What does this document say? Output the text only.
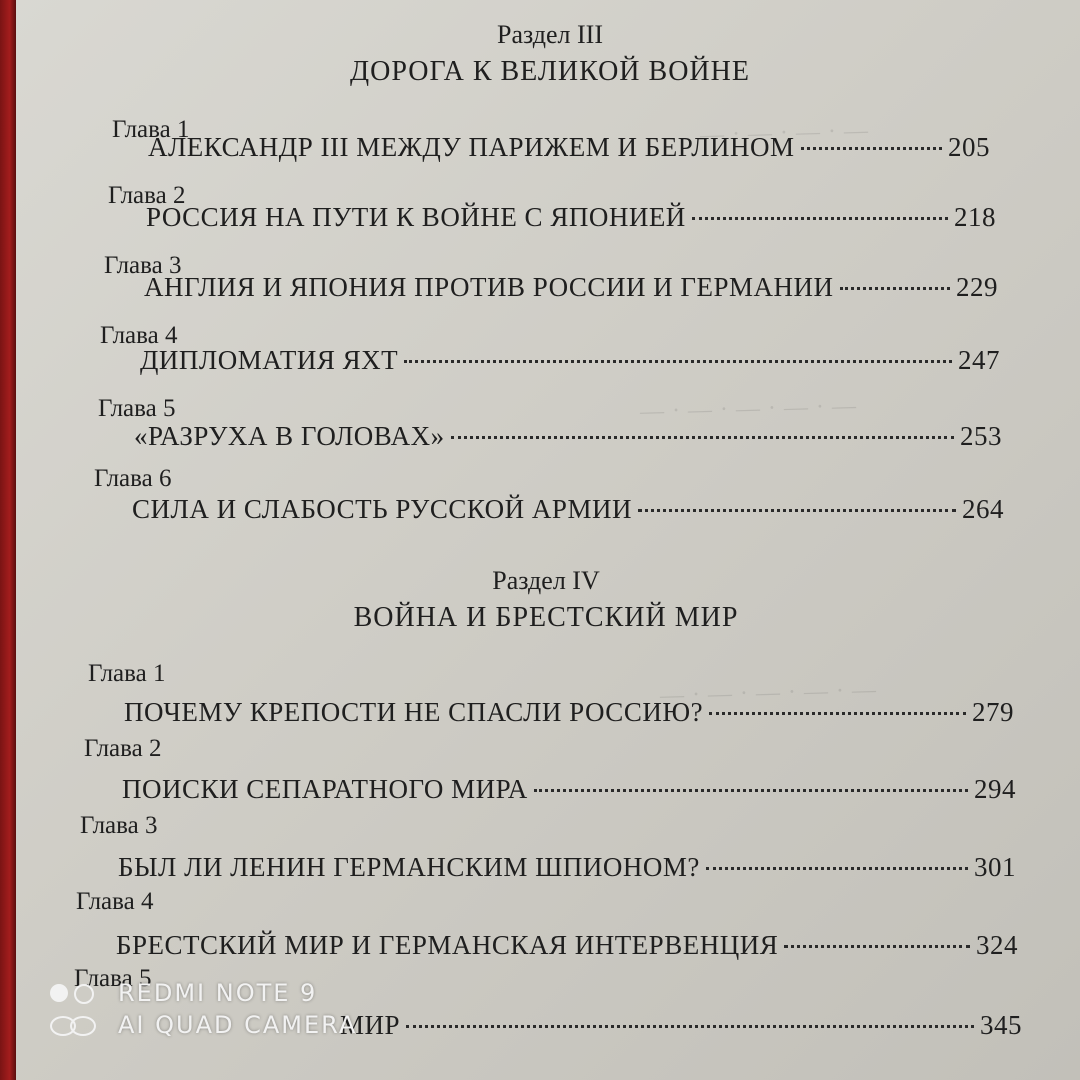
— · — · — · —
— · — · — · — · —
— · — · — · — · —
Раздел III
ДОРОГА К ВЕЛИКОЙ ВОЙНЕ
Глава 1
АЛЕКСАНДР III МЕЖДУ ПАРИЖЕМ И БЕРЛИНОМ	205
Глава 2
РОССИЯ НА ПУТИ К ВОЙНЕ С ЯПОНИЕЙ	218
Глава 3
АНГЛИЯ И ЯПОНИЯ ПРОТИВ РОССИИ И ГЕРМАНИИ	229
Глава 4
ДИПЛОМАТИЯ ЯХТ	247
Глава 5
«РАЗРУХА В ГОЛОВАХ»	253
Глава 6
СИЛА И СЛАБОСТЬ РУССКОЙ АРМИИ	264
Раздел IV
ВОЙНА И БРЕСТСКИЙ МИР
Глава 1
ПОЧЕМУ КРЕПОСТИ НЕ СПАСЛИ РОССИЮ?	279
Глава 2
ПОИСКИ СЕПАРАТНОГО МИРА	294
Глава 3
БЫЛ ЛИ ЛЕНИН ГЕРМАНСКИМ ШПИОНОМ?	301
Глава 4
БРЕСТСКИЙ МИР И ГЕРМАНСКАЯ ИНТЕРВЕНЦИЯ	324
Глава 5
МИР	345
REDMI NOTE 9
AI QUAD CAMERA
